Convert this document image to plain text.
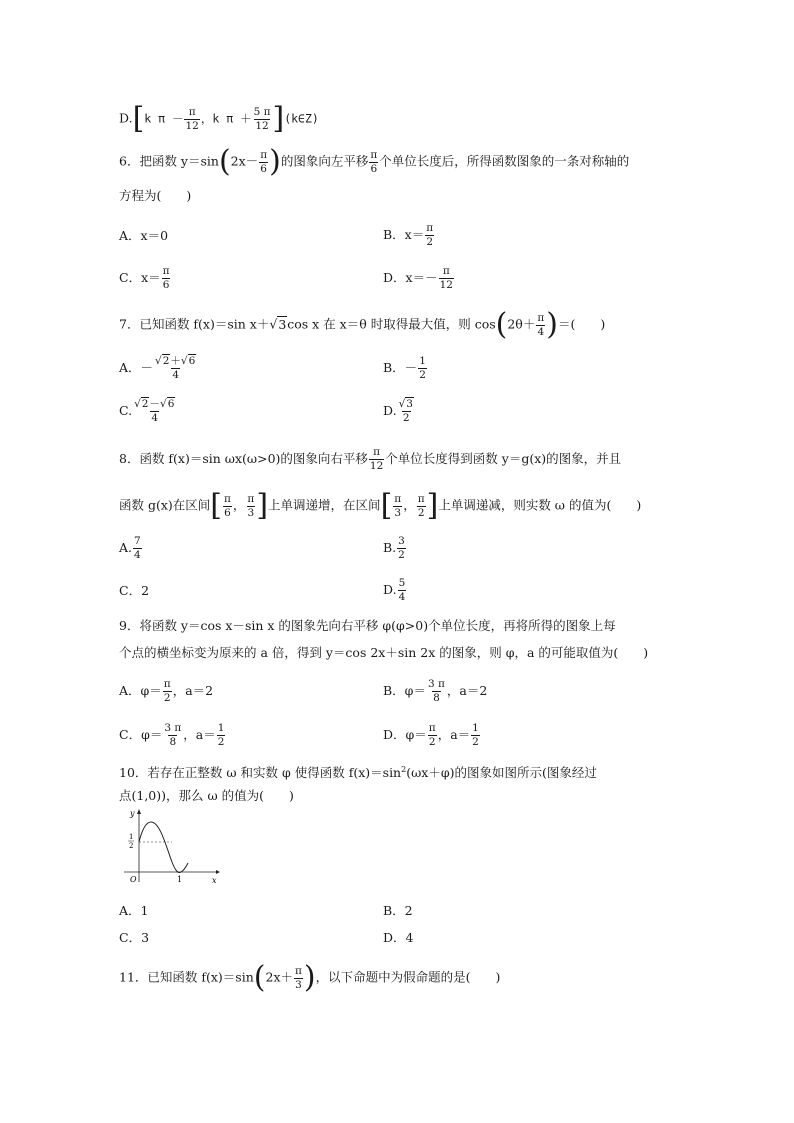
D.[k $\pi - \frac{\pi}{12}$ ，k $\pi + \frac{5 \pi}{12}$ ](k∈Z)
6．把函数 $y=\sin(2x- \frac{\pi}{6}$ )的图象向左平移 $\frac{\pi}{6}$ 个单位长度后，所得函数图象的一条对称轴的
方程为(　　)
A．x＝0	B．$x= \frac{\pi}{2}$
C．$x= \frac{\pi}{6}$	D．$x=- \frac{\pi}{12}$
7．已知函数 f(x)＝sin x＋√3cos x 在 x＝θ 时取得最大值，则 $\cos(2\theta+ \frac{\pi}{4}$ )＝(　　)
A．－ $\frac{√2+√6}{4}$	B．－ $\frac{1}{2}$
C. $\frac{√2-√6}{4}$	D. $\frac{√3}{2}$
8．函数 f(x)＝sin ωx(ω>0)的图象向右平移 $\frac{\pi}{12}$ 个单位长度得到函数 y＝g(x)的图象，并且
函数 g(x)在区间[ $\frac{\pi}{6}$ ， $\frac{\pi}{3}$ ]上单调递增，在区间[ $\frac{\pi}{3}$ ， $\frac{\pi}{2}$ ]上单调递减，则实数 ω 的值为(　　)
A. $\frac{7}{4}$	B. $\frac{3}{2}$
C．2	D. $\frac{5}{4}$
9．将函数 y＝cos x－sin x 的图象先向右平移 φ(φ>0)个单位长度，再将所得的图象上每
个点的横坐标变为原来的 a 倍，得到 y＝cos 2x＋sin 2x 的图象，则 φ，a 的可能取值为(　　)
A．$\varphi= \frac{\pi}{2}$ ，a＝2	B．$\varphi= \frac{3 \pi}{8}$ ，a＝2
C．$\varphi= \frac{3 \pi}{8}$ ，$a= \frac{1}{2}$	D．$\varphi= \frac{\pi}{2}$ ，$a= \frac{1}{2}$
10．若存在正整数 ω 和实数 φ 使得函数 $f(x)=\sin^2(\omega x+\varphi)$的图象如图所示(图象经过
点(1,0))，那么 ω 的值为(　　)
y
x
O	1
1
2
A．1	B．2
C．3	D．4
11．已知函数 $f(x)=\sin(2x+ \frac{\pi}{3}$ )，以下命题中为假命题的是(　　)
